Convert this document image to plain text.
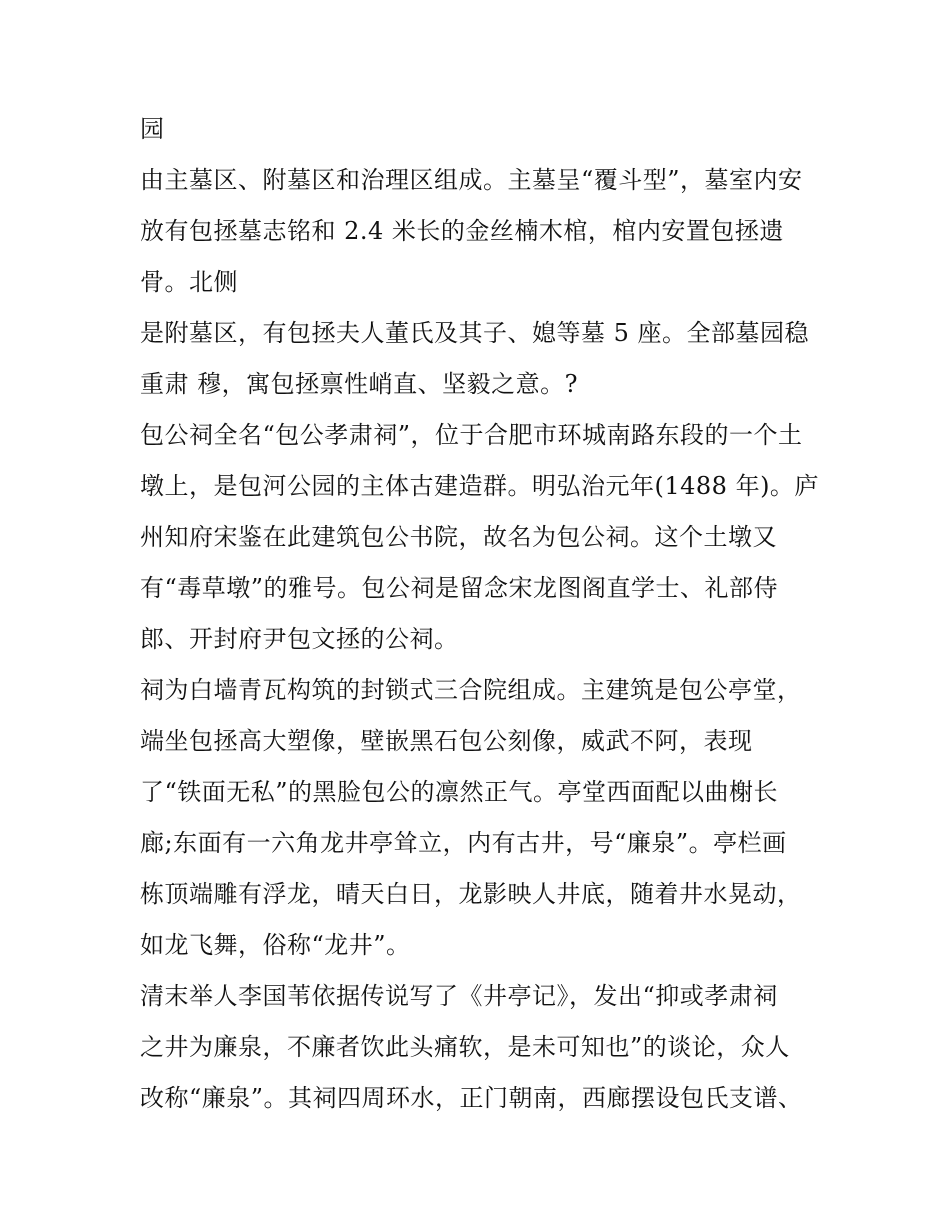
园
由主墓区、附墓区和治理区组成。主墓呈“覆斗型”，墓室内安
放有包拯墓志铭和 2.4 米长的金丝楠木棺，棺内安置包拯遗
骨。北侧
是附墓区，有包拯夫人董氏及其子、媳等墓 5 座。全部墓园稳
重肃 穆，寓包拯禀性峭直、坚毅之意。?
包公祠全名“包公孝肃祠”，位于合肥市环城南路东段的一个土
墩上，是包河公园的主体古建造群。明弘治元年(1488 年)。庐
州知府宋鉴在此建筑包公书院，故名为包公祠。这个土墩又
有“毒草墩”的雅号。包公祠是留念宋龙图阁直学士、礼部侍
郎、开封府尹包文拯的公祠。
祠为白墙青瓦构筑的封锁式三合院组成。主建筑是包公亭堂，
端坐包拯高大塑像，壁嵌黑石包公刻像，威武不阿，表现
了“铁面无私”的黑脸包公的凛然正气。亭堂西面配以曲榭长
廊;东面有一六角龙井亭耸立，内有古井，号“廉泉”。亭栏画
栋顶端雕有浮龙，晴天白日，龙影映人井底，随着井水晃动，
如龙飞舞，俗称“龙井”。
清末举人李国苇依据传说写了《井亭记》，发出“抑或孝肃祠
之井为廉泉，不廉者饮此头痛软，是未可知也”的谈论，众人
改称“廉泉”。其祠四周环水，正门朝南，西廊摆设包氏支谱、
